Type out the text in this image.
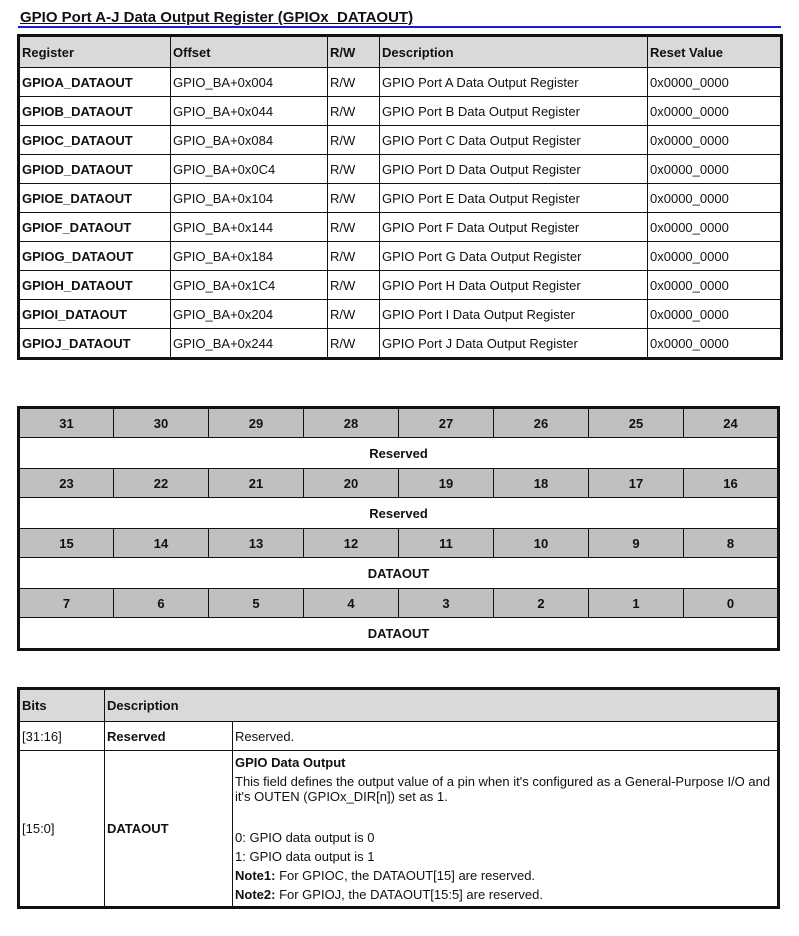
GPIO Port A-J Data Output Register (GPIOx_DATAOUT)
Register	Offset	R/W	Description	Reset Value
GPIOA_DATAOUT	GPIO_BA+0x004	R/W	GPIO Port A Data Output Register	0x0000_0000
GPIOB_DATAOUT	GPIO_BA+0x044	R/W	GPIO Port B Data Output Register	0x0000_0000
GPIOC_DATAOUT	GPIO_BA+0x084	R/W	GPIO Port C Data Output Register	0x0000_0000
GPIOD_DATAOUT	GPIO_BA+0x0C4	R/W	GPIO Port D Data Output Register	0x0000_0000
GPIOE_DATAOUT	GPIO_BA+0x104	R/W	GPIO Port E Data Output Register	0x0000_0000
GPIOF_DATAOUT	GPIO_BA+0x144	R/W	GPIO Port F Data Output Register	0x0000_0000
GPIOG_DATAOUT	GPIO_BA+0x184	R/W	GPIO Port G Data Output Register	0x0000_0000
GPIOH_DATAOUT	GPIO_BA+0x1C4	R/W	GPIO Port H Data Output Register	0x0000_0000
GPIOI_DATAOUT	GPIO_BA+0x204	R/W	GPIO Port I Data Output Register	0x0000_0000
GPIOJ_DATAOUT	GPIO_BA+0x244	R/W	GPIO Port J Data Output Register	0x0000_0000
31	30	29	28	27	26	25	24
Reserved							
23	22	21	20	19	18	17	16
Reserved							
15	14	13	12	11	10	9	8
DATAOUT							
7	6	5	4	3	2	1	0
DATAOUT							
Bits	Description	
[31:16]	Reserved	Reserved.
[15:0]	DATAOUT	
GPIO Data Output
This field defines the output value of a pin when it's configured as a General-Purpose I/O and it's OUTEN (GPIOx_DIR[n]) set as 1.
0: GPIO data output is 0
1: GPIO data output is 1
Note1: For GPIOC, the DATAOUT[15] are reserved.
Note2: For GPIOJ, the DATAOUT[15:5] are reserved.
